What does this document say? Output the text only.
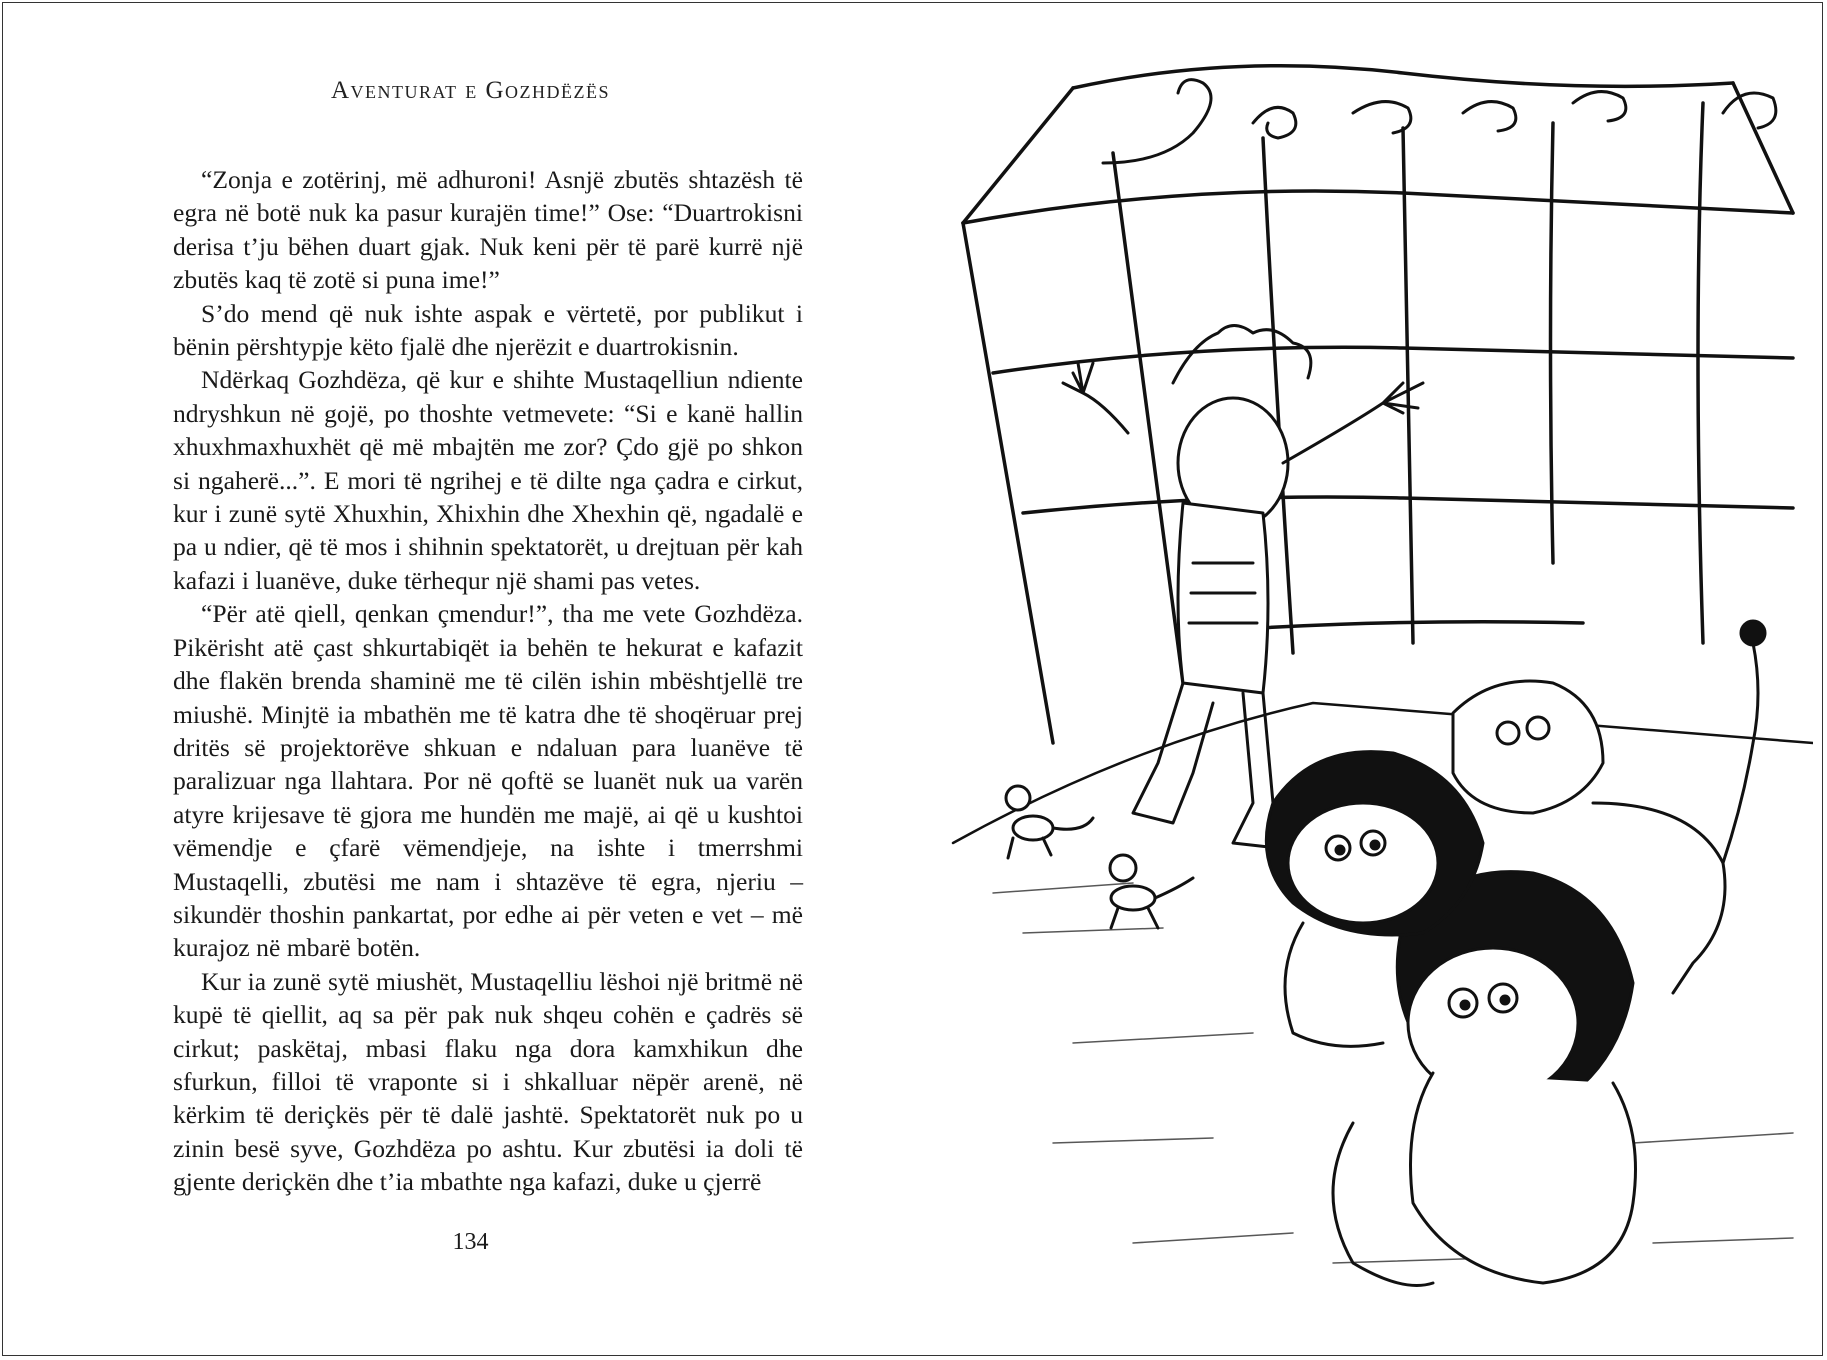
Aventurat e Gozhdëzës

“Zonja e zotërinj, më adhuroni! Asnjë zbutës shtazësh të egra në botë nuk ka pasur kurajën time!” Ose: “Duartrokisni derisa t’ju bëhen duart gjak. Nuk keni për të parë kurrë një zbutës kaq të zotë si puna ime!”

S’do mend që nuk ishte aspak e vërtetë, por publikut i bënin përshtypje këto fjalë dhe njerëzit e duartrokisnin.

Ndërkaq Gozhdëza, që kur e shihte Mustaqelliun ndiente ndryshkun në gojë, po thoshte vetmevete: “Si e kanë hallin xhuxhmaxhuxhët që më mbajtën me zor? Çdo gjë po shkon si ngaherë...”. E mori të ngrihej e të dilte nga çadra e cirkut, kur i zunë sytë Xhuxhin, Xhixhin dhe Xhexhin që, ngadalë e pa u ndier, që të mos i shihnin spektatorët, u drejtuan për kah kafazi i luanëve, duke tërhequr një shami pas vetes.

“Për atë qiell, qenkan çmendur!”, tha me vete Gozhdëza. Pikërisht atë çast shkurtabiqët ia behën te hekurat e kafazit dhe flakën brenda shaminë me të cilën ishin mbështjellë tre miushë. Minjtë ia mbathën me të katra dhe të shoqëruar prej dritës së projektorëve shkuan e ndaluan para luanëve të paralizuar nga llahtara. Por në qoftë se luanët nuk ua varën atyre krijesave të gjora me hundën me majë, ai që u kushtoi vëmendje e çfarë vëmendjeje, na ishte i tmerrshmi Mustaqelli, zbutësi me nam i shtazëve të egra, njeriu – sikundër thoshin pankartat, por edhe ai për veten e vet – më kurajoz në mbarë botën.

Kur ia zunë sytë miushët, Mustaqelliu lëshoi një britmë në kupë të qiellit, aq sa për pak nuk shqeu cohën e çadrës së cirkut; paskëtaj, mbasi flaku nga dora kamxhikun dhe sfurkun, filloi të vraponte si i shkalluar nëpër arenë, në kërkim të deriçkës për të dalë jashtë. Spektatorët nuk po u zinin besë syve, Gozhdëza po ashtu. Kur zbutësi ia doli të gjente deriçkën dhe t’ia mbathte nga kafazi, duke u çjerrë

134
